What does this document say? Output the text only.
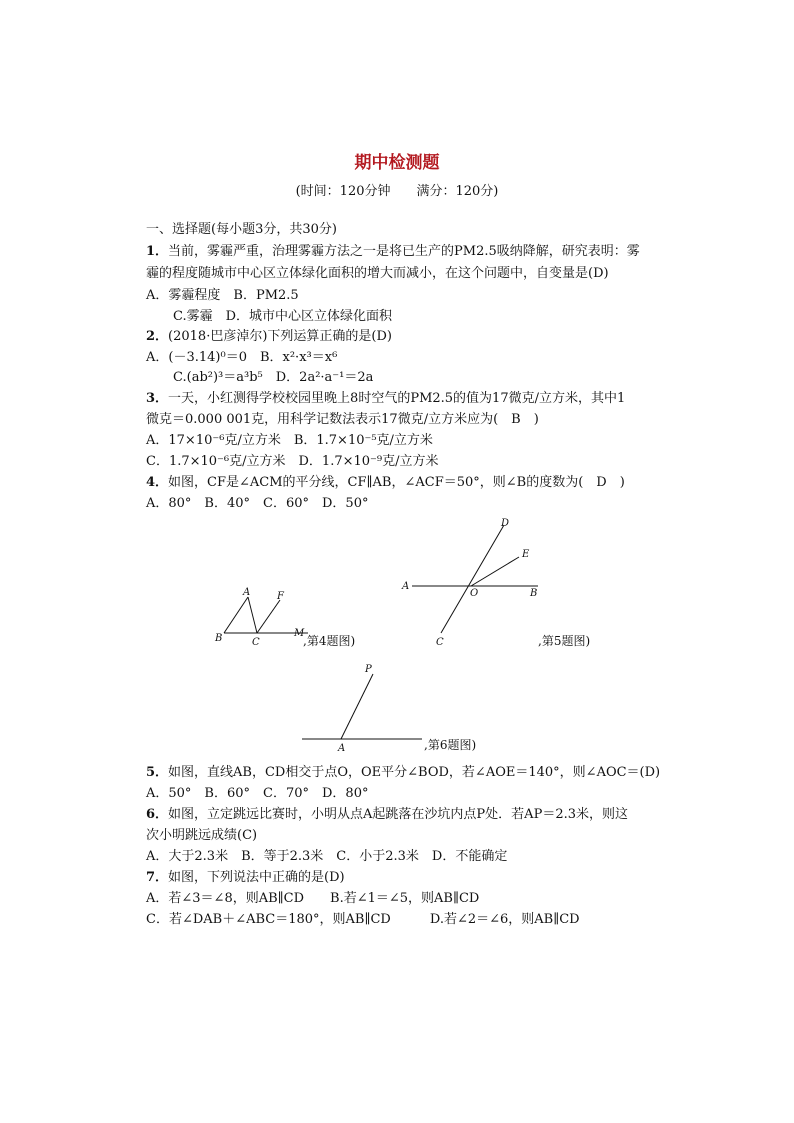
期中检测题
(时间：120分钟　　满分：120分)
一、选择题(每小题3分，共30分)
1．当前，雾霾严重，治理雾霾方法之一是将已生产的PM2.5吸纳降解，研究表明：雾
霾的程度随城市中心区立体绿化面积的增大而减小，在这个问题中，自变量是(D)
A．雾霾程度　B．PM2.5
C.雾霾　D．城市中心区立体绿化面积
2．(2018·巴彦淖尔)下列运算正确的是(D)
A．(－3.14)⁰＝0　B．x²·x³＝x⁶
C.(ab²)³＝a³b⁵　D．2a²·a⁻¹＝2a
3．一天，小红测得学校校园里晚上8时空气的PM2.5的值为17微克/立方米，其中1
微克＝0.000 001克，用科学记数法表示17微克/立方米应为(　B　)
A．17×10⁻⁶克/立方米　B．1.7×10⁻⁵克/立方米
C．1.7×10⁻⁶克/立方米　D．1.7×10⁻⁹克/立方米
4．如图，CF是∠ACM的平分线，CF∥AB，∠ACF＝50°，则∠B的度数为(　D　)
A．80°　B．40°　C．60°　D．50°
A	F
B	C
M
,第4题图)
D
E
A
O	B
C	,第5题图)
P
A	,第6题图)
5．如图，直线AB，CD相交于点O，OE平分∠BOD，若∠AOE＝140°，则∠AOC＝(D)
A．50°　B．60°　C．70°　D．80°
6．如图，立定跳远比赛时，小明从点A起跳落在沙坑内点P处．若AP＝2.3米，则这
次小明跳远成绩(C)
A．大于2.3米　B．等于2.3米　C．小于2.3米　D．不能确定
7．如图，下列说法中正确的是(D)
A．若∠3＝∠8，则AB∥CD　　B.若∠1＝∠5，则AB∥CD
C．若∠DAB＋∠ABC＝180°，则AB∥CD　　　D.若∠2＝∠6，则AB∥CD
